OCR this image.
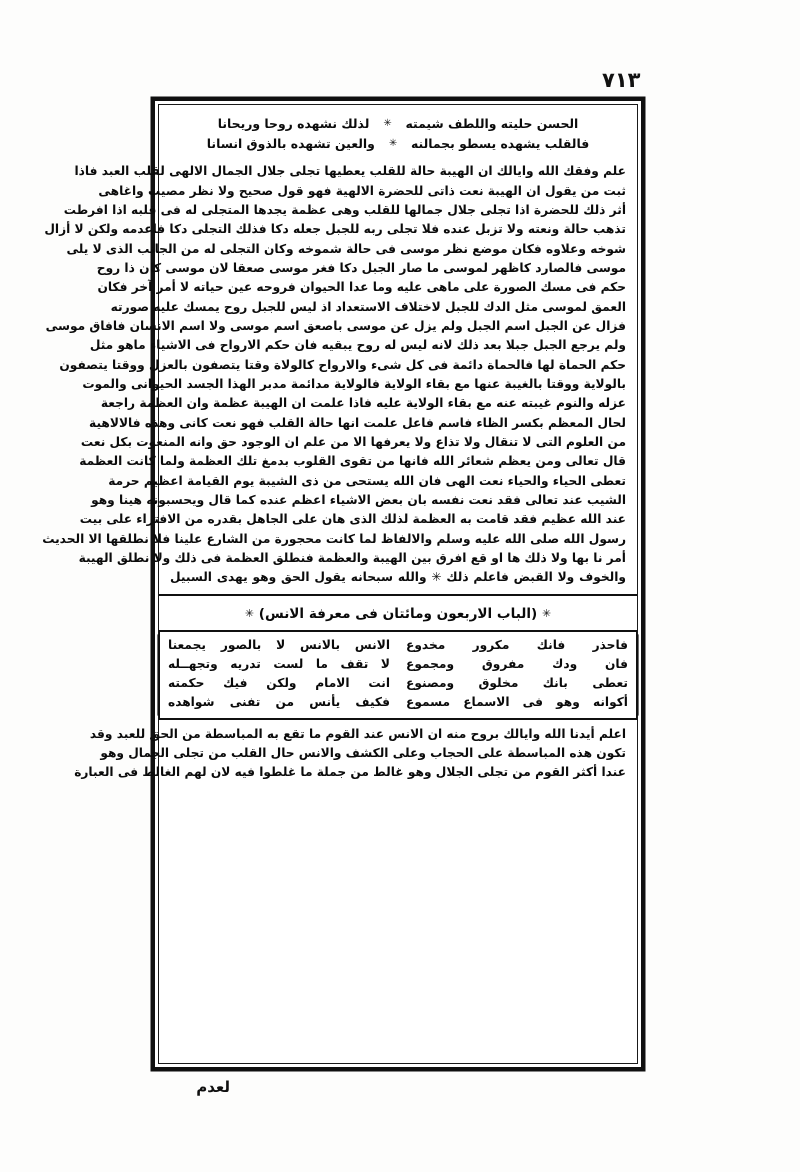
٧١٣
الحسن حليته واللطف شيمته
✳
لذلك نشهده روحا وريحانا
فالقلب يشهده يسطو بجمالنه
✳
والعين تشهده بالذوق انسانا
علم وفقك الله وايالك ان الهيبة حالة للقلب يعطيها تجلى جلال الجمال الالهى لقلب العبد فاذا
ثبت من يقول ان الهيبة نعت ذاتى للحضرة الالهية فهو قول صحيح ولا نظر مصيب واغاهى
أثر ذلك للحضرة اذا تجلى جلال جمالها للقلب وهى عظمة يجدها المتجلى له فى قلبه اذا افرطت
تذهب حالة ونعته ولا تزبل عنده فلا تجلى ربه للجبل جعله دكا فذلك التجلى دكا فاعدمه ولكن لا أزال
شوخه وعلاوه فكان موضع نظر موسى فى حالة شموخه وكان التجلى له من الجانب الذى لا يلى
موسى فالصارد كاظهر لموسى ما صار الجبل دكا فغر موسى صعقا لان موسى كان ذا روح
حكم فى مسك الصورة على ماهى عليه وما عدا الحيوان فروحه عين حياته لا أمر آخر فكان
العمق لموسى مثل الدك للجبل لاختلاف الاستعداد اذ ليس للجبل روح يمسك عليه صورته
فزال عن الجبل اسم الجبل ولم يزل عن موسى باصعق اسم موسى ولا اسم الانسان فافاق موسى
ولم يرجع الجبل جبلا بعد ذلك لانه ليس له روح يبقيه فان حكم الارواح فى الاشياء ماهو مثل
حكم الحماة لها فالحماة دائمة فى كل شىء والارواح كالولاة وقتا يتصفون بالعزل ووقتا يتصفون
بالولاية ووقتا بالغيبة عنها مع بقاء الولاية فالولاية مدائمة مدبر الهذا الجسد الحيوانى والموت
عزله والنوم غيبته عنه مع بقاء الولاية عليه فاذا علمت ان الهيبة عظمة وان العظمة راجعة
لحال المعظم بكسر الظاء فاسم فاعل علمت انها حالة القلب فهو نعت كانى وهذه فالالاهية
من العلوم التى لا تنقال ولا تذاع ولا يعرفها الا من علم ان الوجود حق وانه المنعوت بكل نعت
قال تعالى ومن يعظم شعائر الله فانها من تقوى القلوب بدمغ تلك العظمة ولما كانت العظمة
تعطى الحياء والحياء نعت الهى فان الله يستحى من ذى الشيبة يوم القيامة اعظيم حرمة
الشيب عند تعالى فقد نعت نفسه بان بعض الاشياء اعظم عنده كما قال ويحسبونه هينا وهو
عند الله عظيم فقد قامت به العظمة لذلك الذى هان على الجاهل بقدره من الافتراء على بيت
رسول الله صلى الله عليه وسلم والالفاظ لما كانت محجورة من الشارع علينا فلا نطلقها الا الحديث
أمر نا بها ولا ذلك ها او قع افرق بين الهيبة والعظمة فنطلق العظمة فى ذلك ولا نطلق الهيبة
والخوف ولا القبض فاعلم ذلك ✳ والله سبحانه يقول الحق وهو يهدى السبيل
✳ (الباب الاربعون ومائتان فى معرفة الانس) ✳
فاحذر فانك مكرور مخدوع
فان ودك مفروق ومجموع
تعطى بانك مخلوق ومصنوع
أكوانه وهو فى الاسماع مسموع
الانس بالانس لا بالصور يجمعنا
لا تقف ما لست تدريه وتجهــله
انت الامام ولكن فيك حكمته
فكيف يأنس من تفنى شواهده
اعلم أيدنا الله وايالك بروح منه ان الانس عند القوم ما تقع به المباسطة من الحق للعبد وقد
تكون هذه المباسطة على الحجاب وعلى الكشف والانس حال القلب من تجلى الجمال وهو
عندا أكثر القوم من تجلى الجلال وهو غالط من جملة ما غلطوا فيه لان لهم الغالط فى العبارة
لعدم
